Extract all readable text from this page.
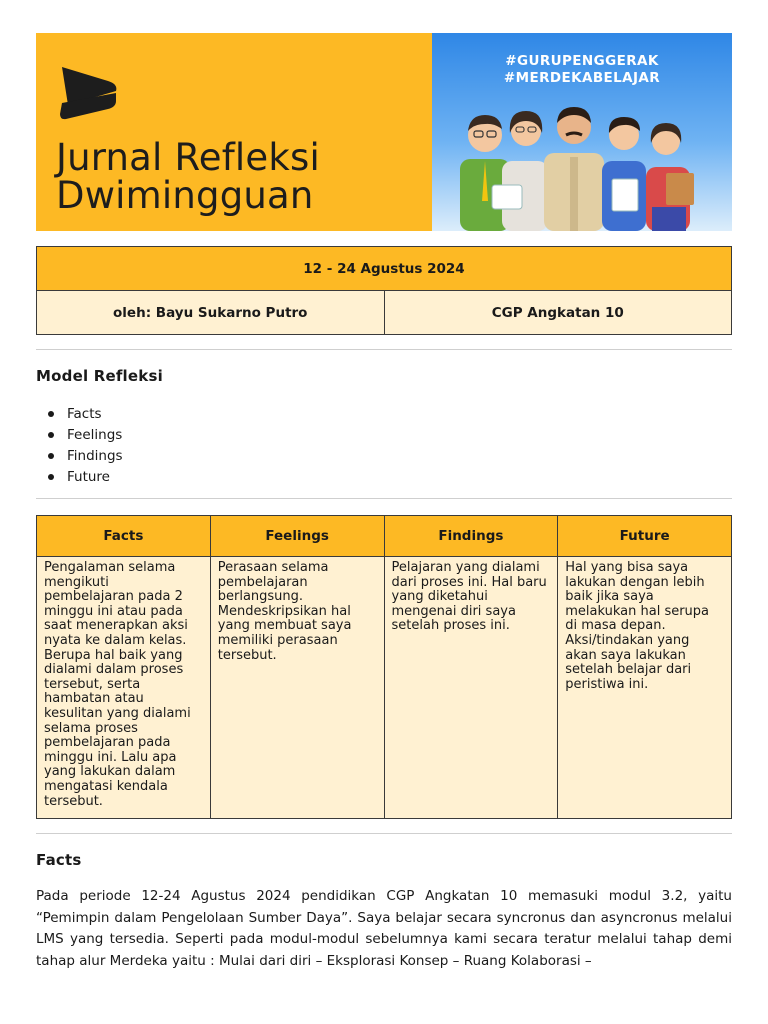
Jurnal Refleksi
Dwimingguan
#GURUPENGGERAK
#MERDEKABELAJAR
12 - 24 Agustus 2024
oleh: Bayu Sukarno Putro	CGP Angkatan 10
Model Refleksi
Facts
Feelings
Findings
Future
Facts	Feelings	Findings	Future
Pengalaman selama mengikuti pembelajaran pada 2 minggu ini atau pada saat menerapkan aksi nyata ke dalam kelas. Berupa hal baik yang dialami dalam proses tersebut, serta hambatan atau kesulitan yang dialami selama proses pembelajaran pada minggu ini. Lalu apa yang lakukan dalam mengatasi kendala tersebut.	Perasaan selama pembelajaran berlangsung. Mendeskripsikan hal yang membuat saya memiliki perasaan tersebut.	Pelajaran yang dialami dari proses ini. Hal baru yang diketahui mengenai diri saya setelah proses ini.	Hal yang bisa saya lakukan dengan lebih baik jika saya melakukan hal serupa di masa depan. Aksi/tindakan yang akan saya lakukan setelah belajar dari peristiwa ini.
Facts

Pada periode 12-24 Agustus 2024 pendidikan CGP Angkatan 10 memasuki modul 3.2, yaitu “Pemimpin dalam Pengelolaan Sumber Daya”. Saya belajar secara syncronus dan asyncronus melalui LMS yang tersedia. Seperti pada modul-modul sebelumnya kami secara teratur melalui tahap demi tahap alur Merdeka yaitu : Mulai dari diri – Eksplorasi Konsep – Ruang Kolaborasi –
